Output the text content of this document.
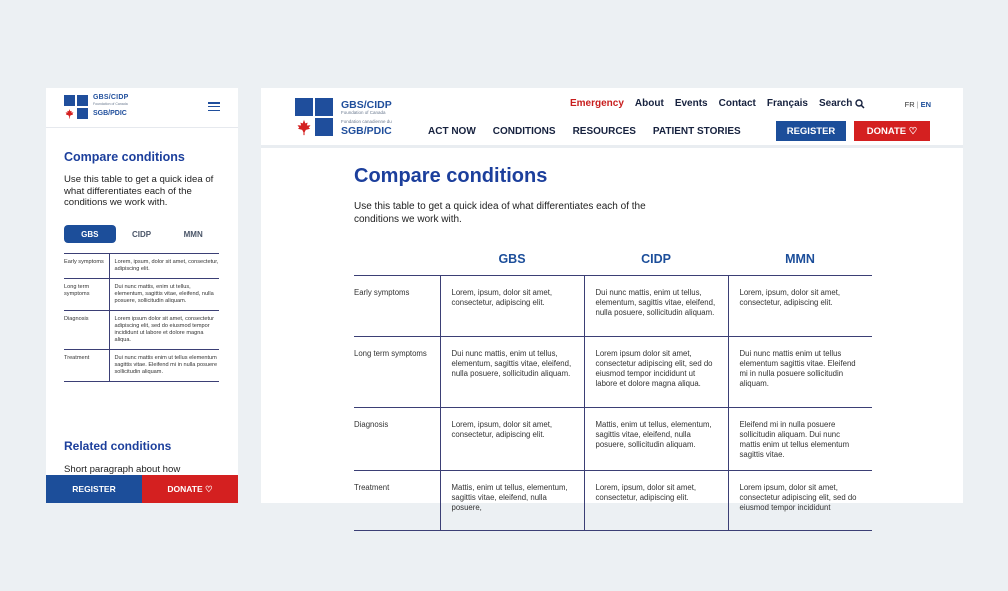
GBS/CIDP
Foundation of Canada
SGB/PDIC
Compare conditions
Use this table to get a quick idea of what differentiates each of the conditions we work with.
GBS	CIDP	MMN
Early symptoms	Lorem, ipsum, dolor sit amet, consectetur, adipiscing elit.
Long term symptoms	Dui nunc mattis, enim ut tellus, elementum, sagittis vitae, eleifend, nulla posuere, sollicitudin aliquam.
Diagnosis	Lorem ipsum dolor sit amet, consectetur adipiscing elit, sed do eiusmod tempor incididunt ut labore et dolore magna aliqua.
Treatment	Dui nunc mattis enim ut tellus elementum sagittis vitae. Eleifend mi in nulla posuere sollicitudin aliquam.
Related conditions
Short paragraph about how
REGISTER	DONATE ♡
GBS/CIDP
Foundation of Canada
Fondation canadienne du
SGB/PDIC
Emergency About Events Contact Français Search	FR | EN
ACT NOW CONDITIONS RESOURCES PATIENT STORIES	REGISTER	DONATE ♡
Compare conditions
Use this table to get a quick idea of what differentiates each of the conditions we work with.
	GBS	CIDP	MMN
Early symptoms	Lorem, ipsum, dolor sit amet, consectetur, adipiscing elit.	Dui nunc mattis, enim ut tellus, elementum, sagittis vitae, eleifend, nulla posuere, sollicitudin aliquam.	Lorem, ipsum, dolor sit amet, consectetur, adipiscing elit.
Long term symptoms	Dui nunc mattis, enim ut tellus, elementum, sagittis vitae, eleifend, nulla posuere, sollicitudin aliquam.	Lorem ipsum dolor sit amet, consectetur adipiscing elit, sed do eiusmod tempor incididunt ut labore et dolore magna aliqua.	Dui nunc mattis enim ut tellus elementum sagittis vitae. Eleifend mi in nulla posuere sollicitudin aliquam.
Diagnosis	Lorem, ipsum, dolor sit amet, consectetur, adipiscing elit.	Mattis, enim ut tellus, elementum, sagittis vitae, eleifend, nulla posuere, sollicitudin aliquam.	Eleifend mi in nulla posuere sollicitudin aliquam. Dui nunc mattis enim ut tellus elementum sagittis vitae.
Treatment	Mattis, enim ut tellus, elementum, sagittis vitae, eleifend, nulla posuere,	Lorem, ipsum, dolor sit amet, consectetur, adipiscing elit.	Lorem ipsum, dolor sit amet, consectetur adipiscing elit, sed do eiusmod tempor incididunt
